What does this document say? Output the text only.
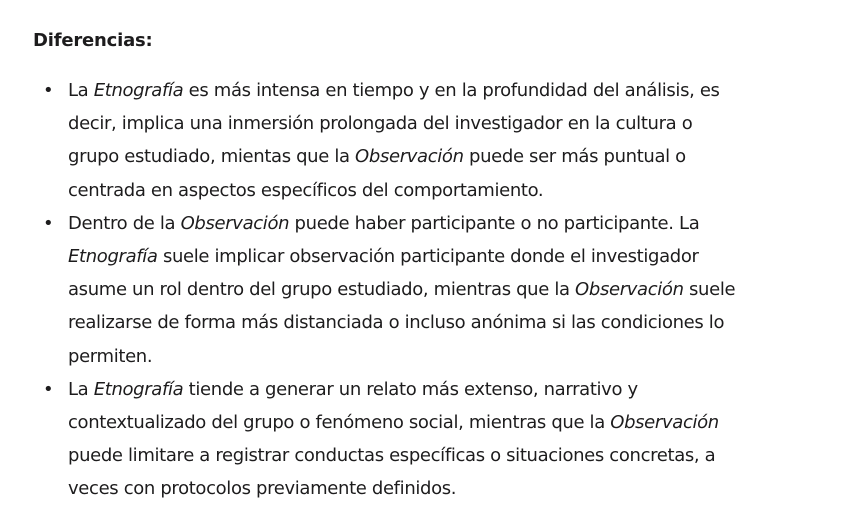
Diferencias:
• La Etnografía es más intensa en tiempo y en la profundidad del análisis, es
decir, implica una inmersión prolongada del investigador en la cultura o
grupo estudiado, mientas que la Observación puede ser más puntual o
centrada en aspectos específicos del comportamiento.
• Dentro de la Observación puede haber participante o no participante. La
Etnografía suele implicar observación participante donde el investigador
asume un rol dentro del grupo estudiado, mientras que la Observación suele
realizarse de forma más distanciada o incluso anónima si las condiciones lo
permiten.
• La Etnografía tiende a generar un relato más extenso, narrativo y
contextualizado del grupo o fenómeno social, mientras que la Observación
puede limitare a registrar conductas específicas o situaciones concretas, a
veces con protocolos previamente definidos.
